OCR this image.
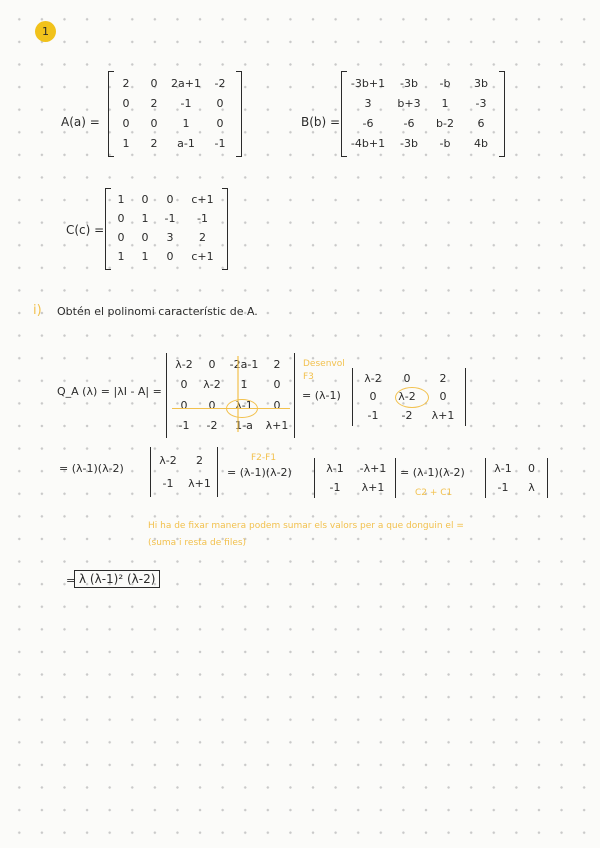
1
A(a) =
2 0 2a+1 -2
0 2 -1 0
0 0 1 0
1 2 a-1 -1
B(b) =
-3b+1 -3b -b 3b
3 b+3 1 -3
-6	-6 b-2 6
-4b+1 -3b -b 4b
C(c) =
1 0 0 c+1
0 1 -1 -1
0 0 3 2
1 1 0 c+1
i) Obtén el polinomi característic de A.
Q_A (λ) = |λI - A| =
λ-2 0 -2a-1 2
0 λ-2 1 0
0 0 λ-1 0
-1 -2 1-a λ+1
Desenvol F3
= (λ-1)
λ-2 0	2
0 λ-2 0
-1 -2 λ+1
= (λ-1)(λ-2)
λ-2 2
-1 λ+1
F2-F1
= (λ-1)(λ-2)	λ-1 -λ+1
-1 λ+1
= (λ-1)(λ-2)	λ-1 0
-1 λ
C2 + C1
Hi ha de fixar manera podem sumar els valors per a que donguin el =
(suma i resta de files)
= λ (λ-1)² (λ-2)
